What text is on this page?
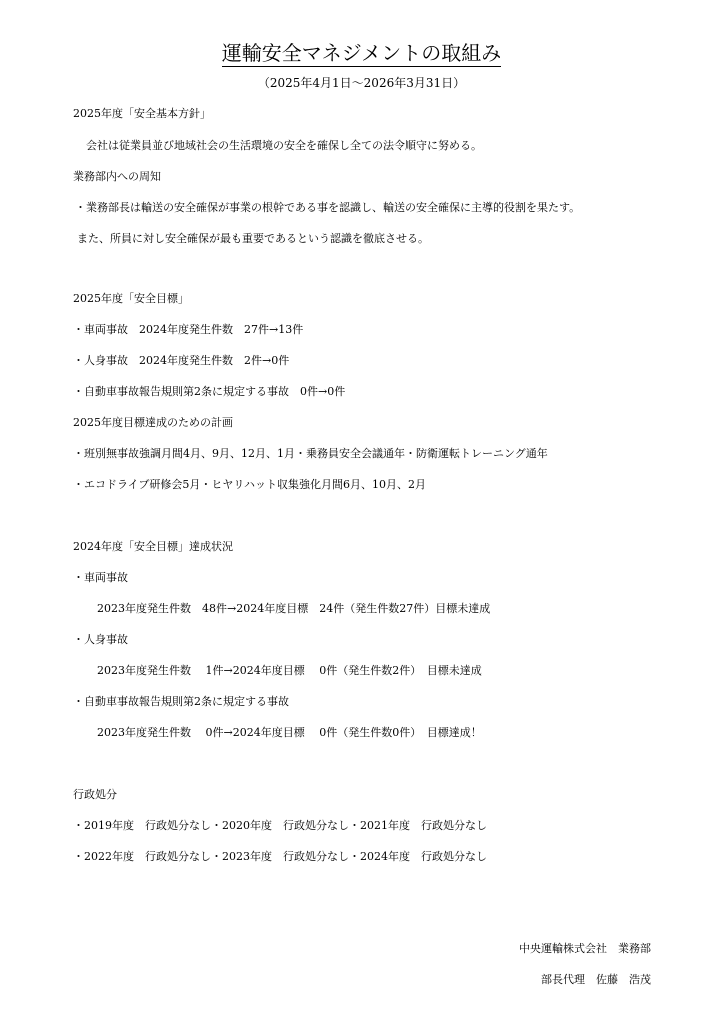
運輸安全マネジメントの取組み
（2025年4月1日〜2026年3月31日）
2025年度「安全基本方針」
会社は従業員並び地域社会の生活環境の安全を確保し全ての法令順守に努める。
業務部内への周知
・業務部長は輸送の安全確保が事業の根幹である事を認識し、輸送の安全確保に主導的役割を果たす。
また、所員に対し安全確保が最も重要であるという認識を徹底させる。
2025年度「安全目標」
・車両事故　2024年度発生件数　27件→13件
・人身事故　2024年度発生件数　2件→0件
・自動車事故報告規則第2条に規定する事故　0件→0件
2025年度目標達成のための計画
・班別無事故強調月間4月、9月、12月、1月・乗務員安全会議通年・防衛運転トレーニング通年
・エコドライブ研修会5月・ヒヤリハット収集強化月間6月、10月、2月
2024年度「安全目標」達成状況
・車両事故
2023年度発生件数　48件→2024年度目標　24件（発生件数27件）目標未達成
・人身事故
2023年度発生件数　 1件→2024年度目標　 0件（発生件数2件）　目標未達成
・自動車事故報告規則第2条に規定する事故
2023年度発生件数　 0件→2024年度目標　 0件（発生件数0件）　目標達成！
行政処分
・2019年度　行政処分なし・2020年度　行政処分なし・2021年度　行政処分なし
・2022年度　行政処分なし・2023年度　行政処分なし・2024年度　行政処分なし
中央運輸株式会社　業務部
部長代理　佐藤　浩茂
